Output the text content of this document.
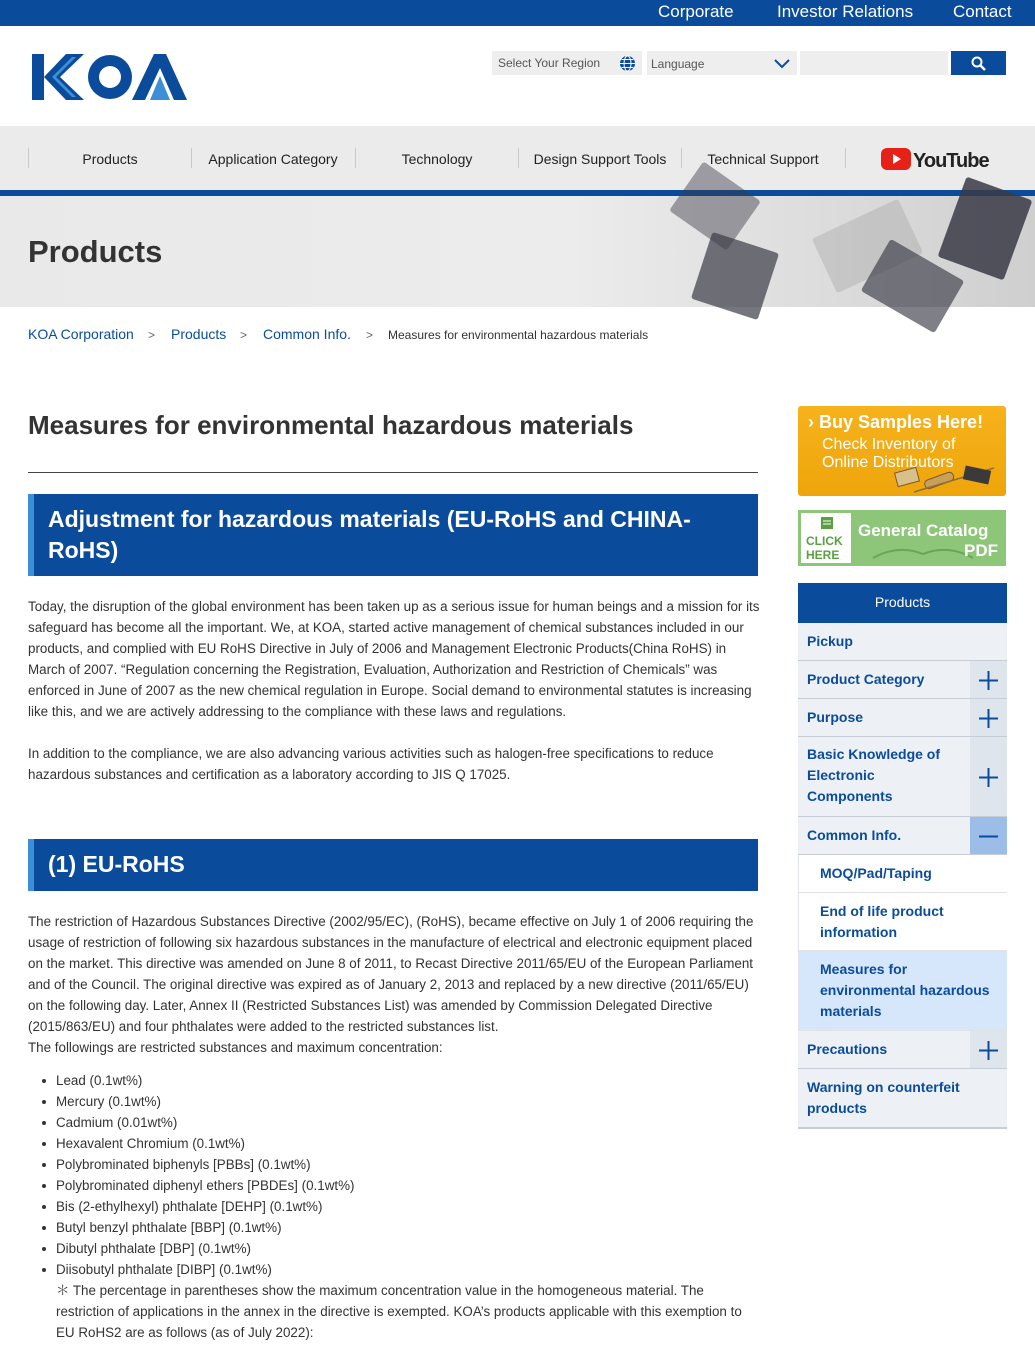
Corporate	Investor Relations Contact
Select Your Region	Language
Products	Application Category	Technology	Design Support Tools	Technical Support	YouTube
Products
KOA Corporation > Products > Common Info. > Measures for environmental hazardous materials
Measures for environmental hazardous materials
Adjustment for hazardous materials (EU-RoHS and CHINA-RoHS)

Today, the disruption of the global environment has been taken up as a serious issue for human beings and a mission for its safeguard has become all the important. We, at KOA, started active management of chemical substances included in our products, and complied with EU RoHS Directive in July of 2006 and Management Electronic Products(China RoHS) in March of 2007. “Regulation concerning the Registration, Evaluation, Authorization and Restriction of Chemicals” was enforced in June of 2007 as the new chemical regulation in Europe. Social demand to environmental statutes is increasing like this, and we are actively addressing to the compliance with these laws and regulations.

In addition to the compliance, we are also advancing various activities such as halogen-free specifications to reduce hazardous substances and certification as a laboratory according to JIS Q 17025.

(1) EU-RoHS

The restriction of Hazardous Substances Directive (2002/95/EC), (RoHS), became effective on July 1 of 2006 requiring the usage of restriction of following six hazardous substances in the manufacture of electrical and electronic equipment placed on the market. This directive was amended on June 8 of 2011, to Recast Directive 2011/65/EU of the European Parliament and of the Council. The original directive was expired as of January 2, 2013 and replaced by a new directive (2011/65/EU) on the following day. Later, Annex II (Restricted Substances List) was amended by Commission Delegated Directive (2015/863/EU) and four phthalates were added to the restricted substances list.

The followings are restricted substances and maximum concentration:

Lead (0.1wt%)
Mercury (0.1wt%)
Cadmium (0.01wt%)
Hexavalent Chromium (0.1wt%)
Polybrominated biphenyls [PBBs] (0.1wt%)
Polybrominated diphenyl ethers [PBDEs] (0.1wt%)
Bis (2-ethylhexyl) phthalate [DEHP] (0.1wt%)
Butyl benzyl phthalate [BBP] (0.1wt%)
Dibutyl phthalate [DBP] (0.1wt%)
Diisobutyl phthalate [DIBP] (0.1wt%)

＊ The percentage in parentheses show the maximum concentration value in the homogeneous material. The restriction of applications in the annex in the directive is exempted. KOA’s products applicable with this exemption to EU RoHS2 are as follows (as of July 2022):

› Buy Samples Here!
Check Inventory of
Online Distributors
CLICK
HERE
General Catalog
PDF
Products
Pickup
Product Category
Purpose
Basic Knowledge of Electronic Components
Common Info.
MOQ/Pad/Taping
End of life product information
Measures for environmental hazardous materials
Precautions
Warning on counterfeit products
